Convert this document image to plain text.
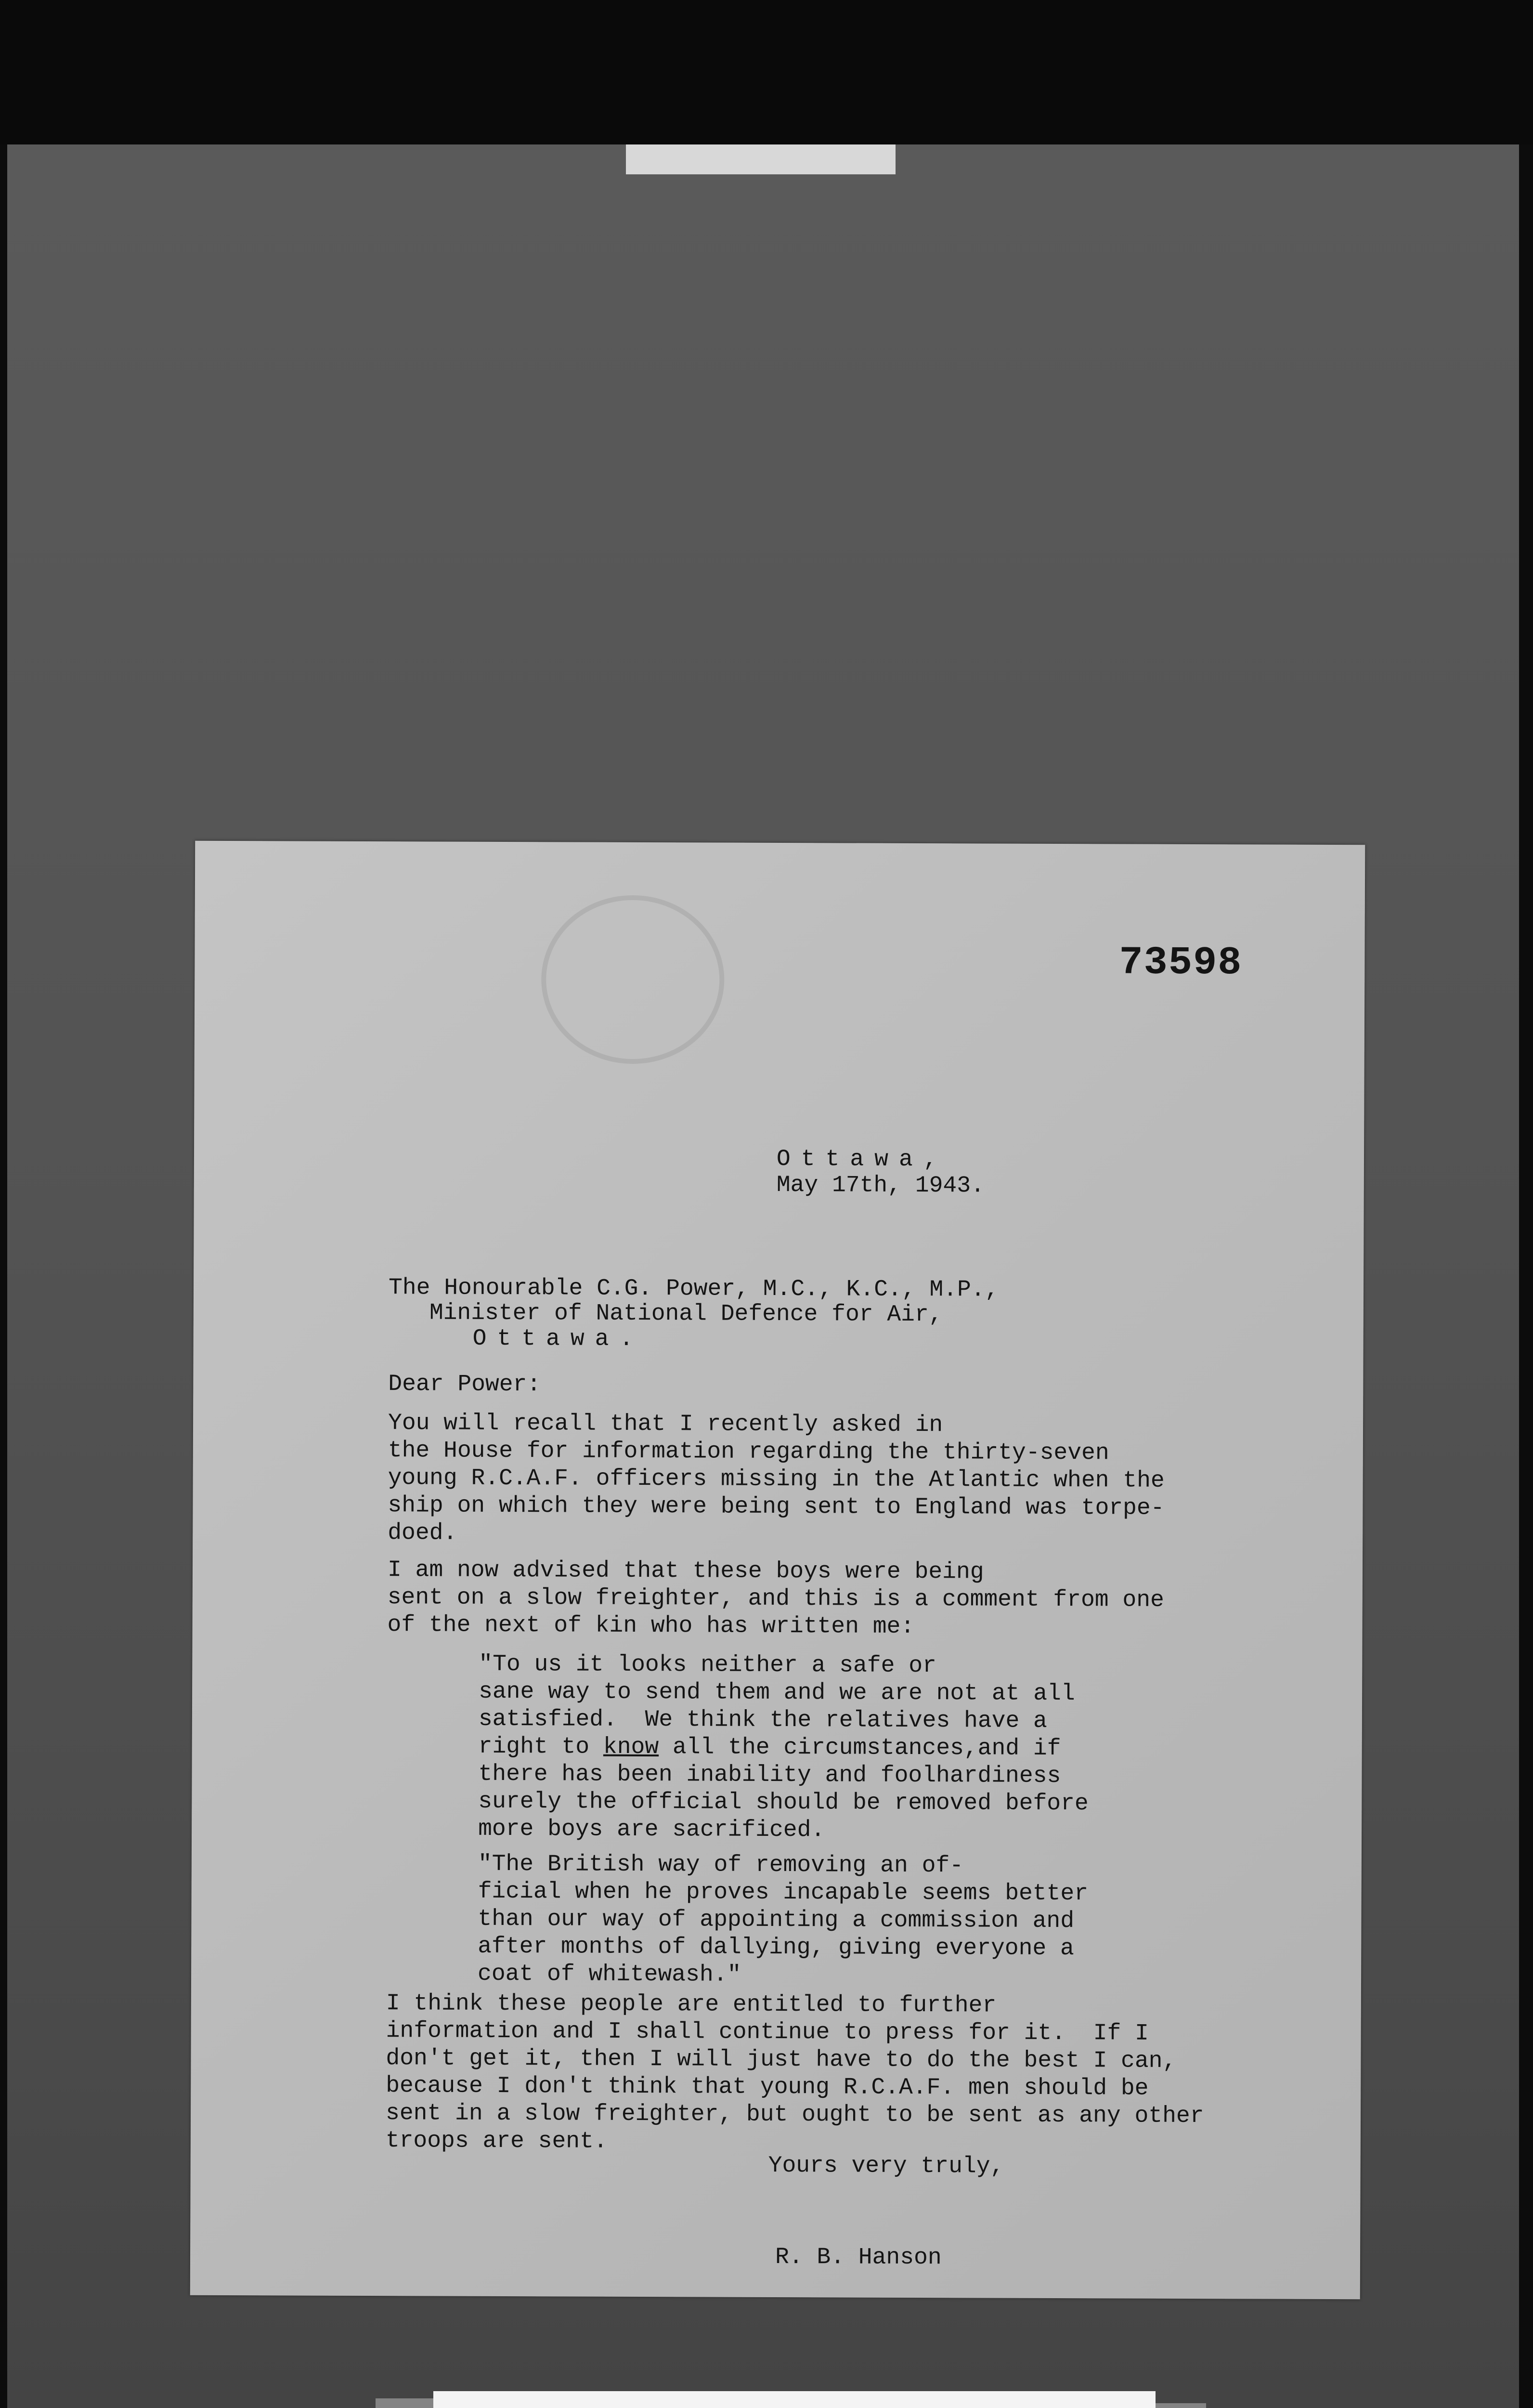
73598
Ottawa,
May 17th, 1943.
The Honourable C.G. Power, M.C., K.C., M.P.,
Minister of National Defence for Air,
Ottawa.
Dear Power:
You will recall that I recently asked in
the House for information regarding the thirty-seven
young R.C.A.F. officers missing in the Atlantic when the
ship on which they were being sent to England was torpe-
doed.
I am now advised that these boys were being
sent on a slow freighter, and this is a comment from one
of the next of kin who has written me:
"To us it looks neither a safe or
sane way to send them and we are not at all
satisfied.  We think the relatives have a
right to know all the circumstances,and if
there has been inability and foolhardiness
surely the official should be removed before
more boys are sacrificed.
"The British way of removing an of-
ficial when he proves incapable seems better
than our way of appointing a commission and
after months of dallying, giving everyone a
coat of whitewash."
I think these people are entitled to further
information and I shall continue to press for it.  If I
don't get it, then I will just have to do the best I can,
because I don't think that young R.C.A.F. men should be
sent in a slow freighter, but ought to be sent as any other
troops are sent.
Yours very truly,
R. B. Hanson
